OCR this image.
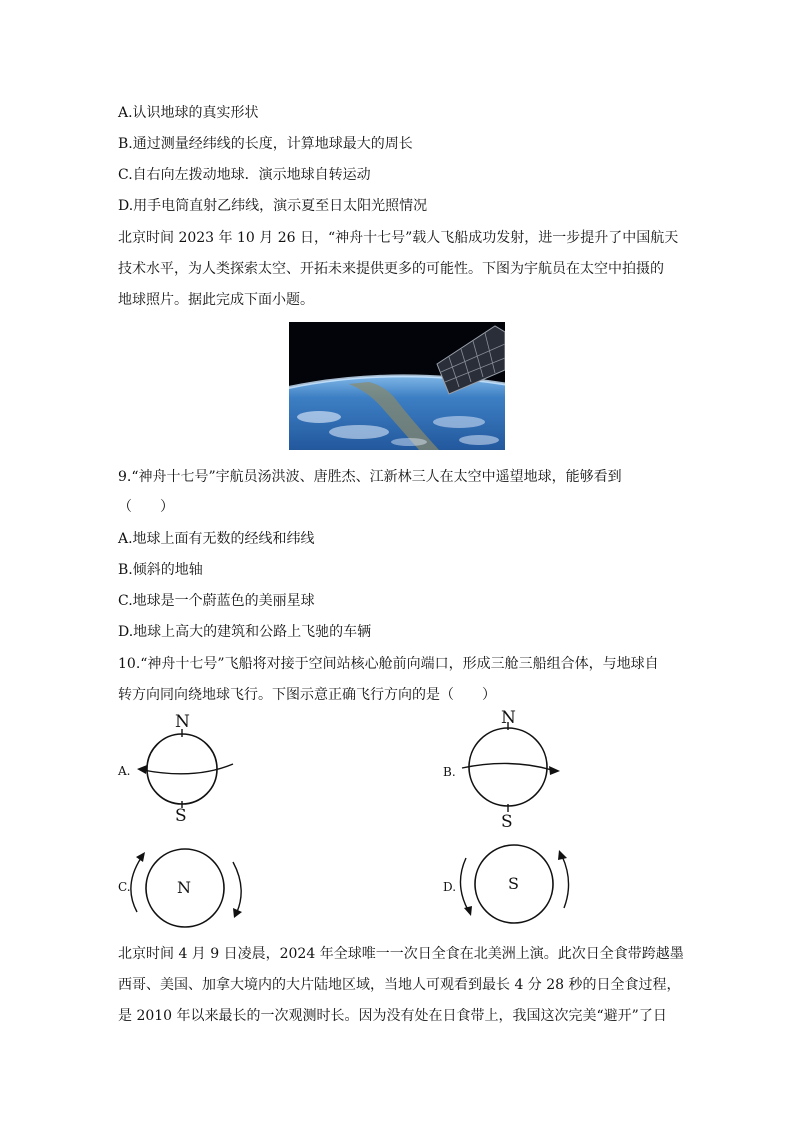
A.认识地球的真实形状
B.通过测量经纬线的长度，计算地球最大的周长
C.自右向左拨动地球．演示地球自转运动
D.用手电筒直射乙纬线，演示夏至日太阳光照情况
北京时间 2023 年 10 月 26 日，“神舟十七号”载人飞船成功发射，进一步提升了中国航天
技术水平，为人类探索太空、开拓未来提供更多的可能性。下图为宇航员在太空中拍摄的
地球照片。据此完成下面小题。
9.“神舟十七号”宇航员汤洪波、唐胜杰、江新林三人在太空中遥望地球，能够看到
（　　）
A.地球上面有无数的经线和纬线
B.倾斜的地轴
C.地球是一个蔚蓝色的美丽星球
D.地球上高大的建筑和公路上飞驰的车辆
10.“神舟十七号”飞船将对接于空间站核心舱前向端口，形成三舱三船组合体，与地球自
转方向同向绕地球飞行。下图示意正确飞行方向的是（　　）
A.
N
S
B.
N
S
C.	N	D.	S
北京时间 4 月 9 日凌晨，2024 年全球唯一一次日全食在北美洲上演。此次日全食带跨越墨
西哥、美国、加拿大境内的大片陆地区域，当地人可观看到最长 4 分 28 秒的日全食过程，
是 2010 年以来最长的一次观测时长。因为没有处在日食带上，我国这次完美“避开”了日
